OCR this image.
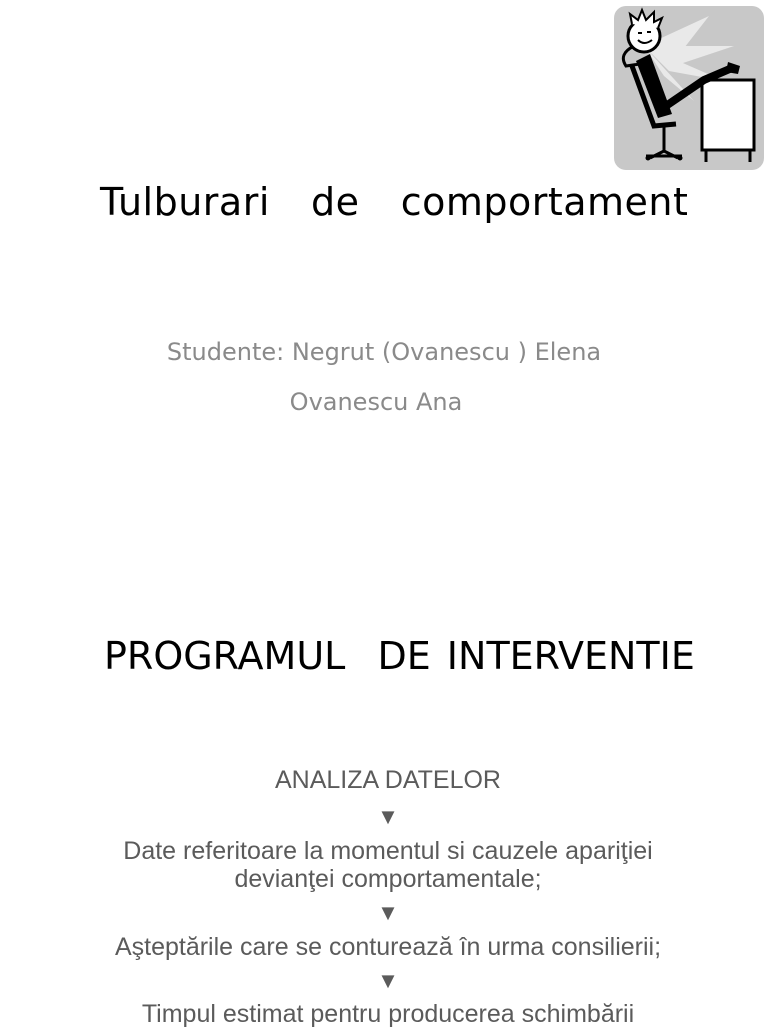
Tulburari  de  comportament
Studente: Negrut (Ovanescu ) Elena
Ovanescu Ana
PROGRAMUL  DE INTERVENTIE
ANALIZA DATELOR
▼
Date referitoare la momentul si cauzele apariţiei
devianţei comportamentale;
▼
Aşteptările care se conturează în urma consilierii;
▼
Timpul estimat pentru producerea schimbării
